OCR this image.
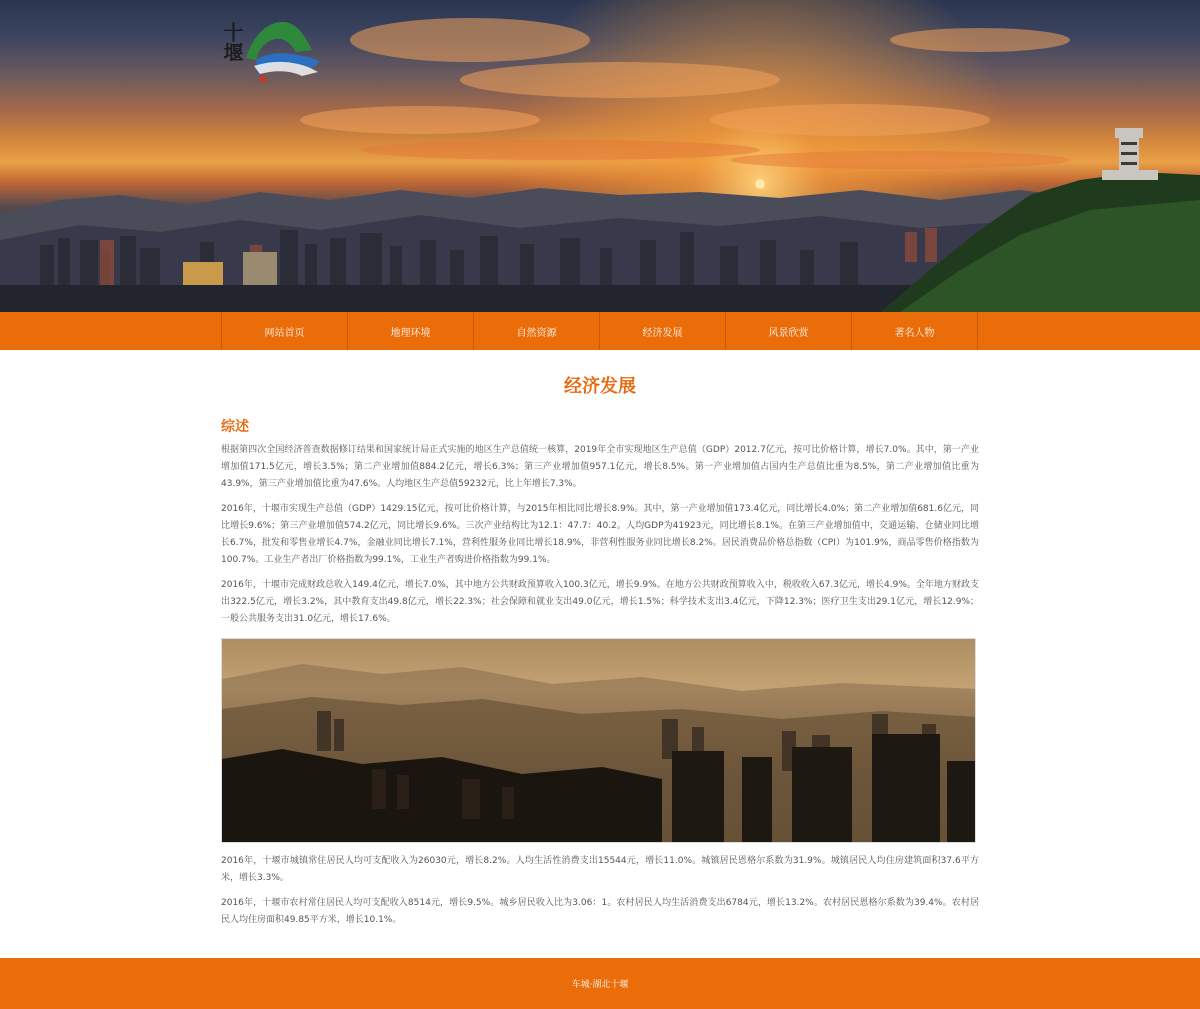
十堰
网站首页	地理环境	自然资源	经济发展	风景欣赏	著名人物
经济发展
综述

根据第四次全国经济普查数据修订结果和国家统计局正式实施的地区生产总值统一核算，2019年全市实现地区生产总值（GDP）2012.7亿元，按可比价格计算，增长7.0%。其中，第一产业增加值171.5亿元，增长3.5%；第二产业增加值884.2亿元，增长6.3%；第三产业增加值957.1亿元，增长8.5%。第一产业增加值占国内生产总值比重为8.5%，第二产业增加值比重为43.9%，第三产业增加值比重为47.6%。人均地区生产总值59232元，比上年增长7.3%。

2016年，十堰市实现生产总值（GDP）1429.15亿元，按可比价格计算，与2015年相比同比增长8.9%。其中，第一产业增加值173.4亿元，同比增长4.0%；第二产业增加值681.6亿元，同比增长9.6%；第三产业增加值574.2亿元，同比增长9.6%。三次产业结构比为12.1：47.7：40.2。人均GDP为41923元，同比增长8.1%。在第三产业增加值中，交通运输、仓储业同比增长6.7%，批发和零售业增长4.7%，金融业同比增长7.1%，营利性服务业同比增长18.9%，非营利性服务业同比增长8.2%。居民消费品价格总指数（CPI）为101.9%，商品零售价格指数为100.7%。工业生产者出厂价格指数为99.1%，工业生产者购进价格指数为99.1%。

2016年，十堰市完成财政总收入149.4亿元，增长7.0%，其中地方公共财政预算收入100.3亿元，增长9.9%。在地方公共财政预算收入中，税收收入67.3亿元，增长4.9%。全年地方财政支出322.5亿元，增长3.2%，其中教育支出49.8亿元，增长22.3%；社会保障和就业支出49.0亿元，增长1.5%；科学技术支出3.4亿元，下降12.3%；医疗卫生支出29.1亿元，增长12.9%；一般公共服务支出31.0亿元，增长17.6%。

2016年，十堰市城镇常住居民人均可支配收入为26030元，增长8.2%。人均生活性消费支出15544元，增长11.0%。城镇居民恩格尔系数为31.9%。城镇居民人均住房建筑面积37.6平方米，增长3.3%。

2016年，十堰市农村常住居民人均可支配收入8514元，增长9.5%。城乡居民收入比为3.06：1。农村居民人均生活消费支出6784元，增长13.2%。农村居民恩格尔系数为39.4%。农村居民人均住房面积49.85平方米，增长10.1%。

车城·湖北十堰
